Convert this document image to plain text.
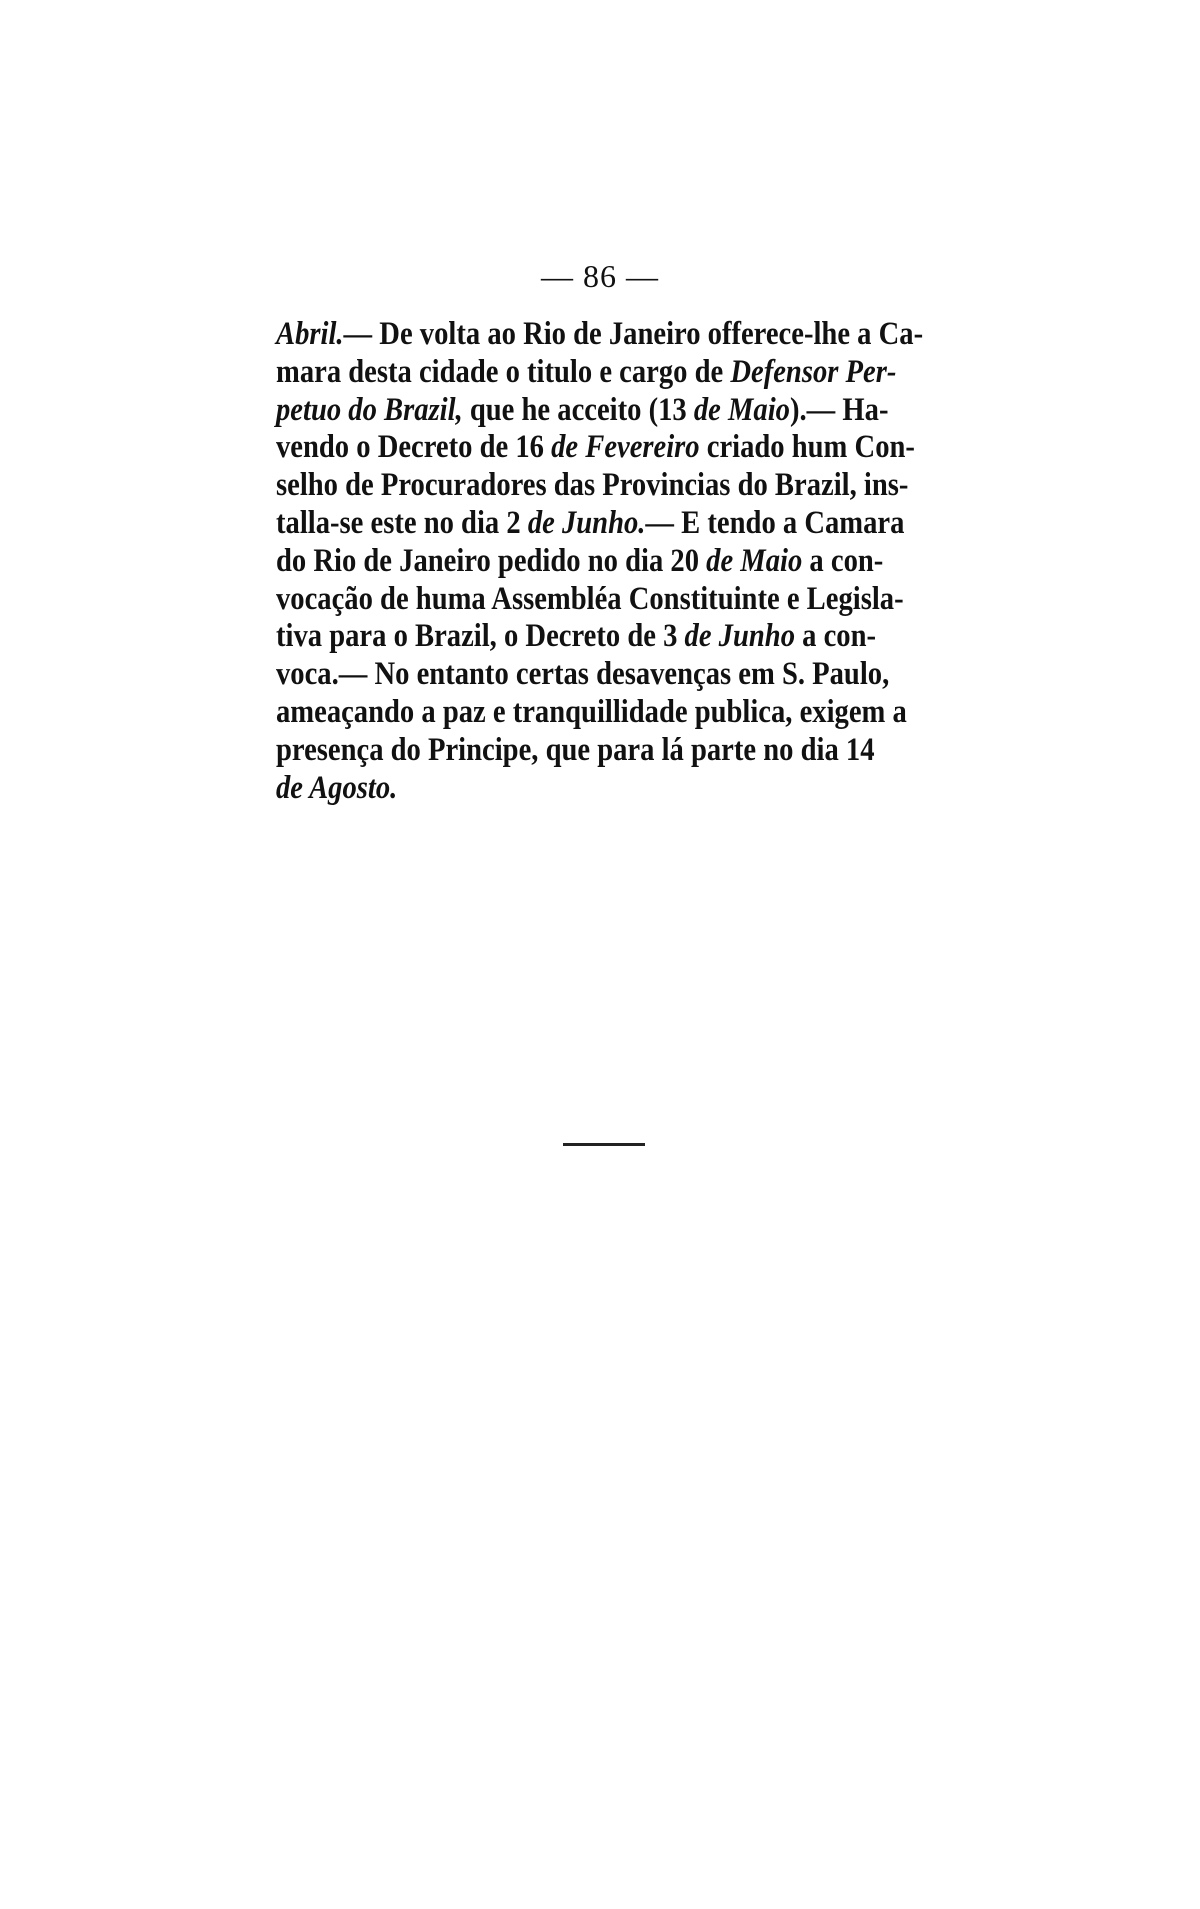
— 86 —
Abril.— De volta ao Rio de Janeiro offerece-lhe a Ca-
mara desta cidade o titulo e cargo de Defensor Per-
petuo do Brazil, que he acceito (13 de Maio).— Ha-
vendo o Decreto de 16 de Fevereiro criado hum Con-
selho de Procuradores das Provincias do Brazil, ins-
talla-se este no dia 2 de Junho.— E tendo a Camara
do Rio de Janeiro pedido no dia 20 de Maio a con-
vocação de huma Assembléa Constituinte e Legisla-
tiva para o Brazil, o Decreto de 3 de Junho a con-
voca.— No entanto certas desavenças em S. Paulo,
ameaçando a paz e tranquillidade publica, exigem a
presença do Principe, que para lá parte no dia 14
de Agosto.
